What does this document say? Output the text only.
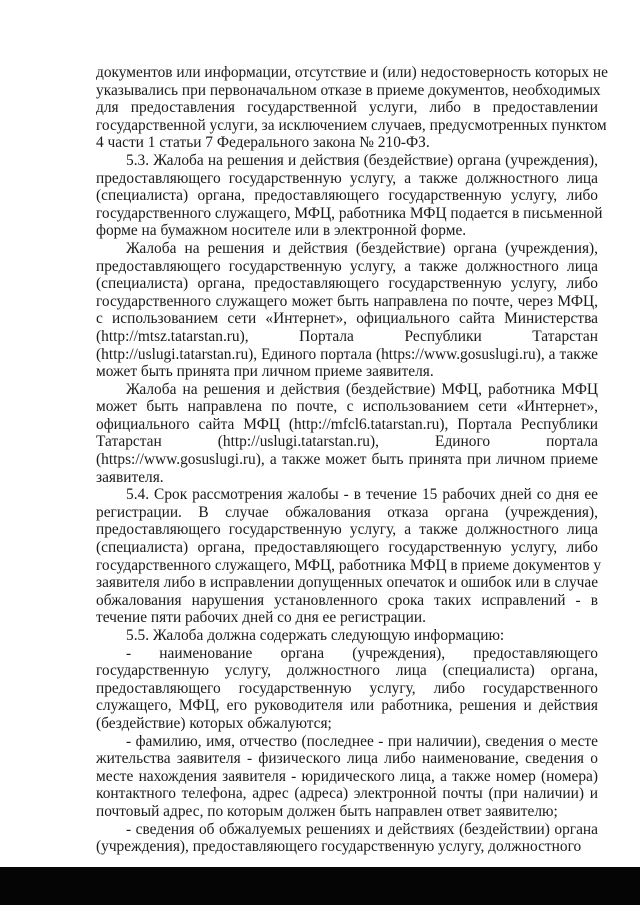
документов или информации, отсутствие и (или) недостоверность которых не
указывались при первоначальном отказе в приеме документов, необходимых
для предоставления государственной услуги, либо в предоставлении
государственной услуги, за исключением случаев, предусмотренных пунктом
4 части 1 статьи 7 Федерального закона № 210-ФЗ.

5.3. Жалоба на решения и действия (бездействие) органа (учреждения),
предоставляющего государственную услугу, а также должностного лица
(специалиста) органа, предоставляющего государственную услугу, либо
государственного служащего, МФЦ, работника МФЦ подается в письменной
форме на бумажном носителе или в электронной форме.

Жалоба на решения и действия (бездействие) органа (учреждения),
предоставляющего государственную услугу, а также должностного лица
(специалиста) органа, предоставляющего государственную услугу, либо
государственного служащего может быть направлена по почте, через МФЦ,
с использованием сети «Интернет», официального сайта Министерства
(http://mtsz.tatarstan.ru), Портала Республики Татарстан
(http://uslugi.tatarstan.ru), Единого портала (https://www.gosuslugi.ru), а также
может быть принята при личном приеме заявителя.

Жалоба на решения и действия (бездействие) МФЦ, работника МФЦ
может быть направлена по почте, с использованием сети «Интернет»,
официального сайта МФЦ (http://mfcl6.tatarstan.ru), Портала Республики
Татарстан (http://uslugi.tatarstan.ru), Единого портала
(https://www.gosuslugi.ru), а также может быть принята при личном приеме
заявителя.

5.4. Срок рассмотрения жалобы - в течение 15 рабочих дней со дня ее
регистрации. В случае обжалования отказа органа (учреждения),
предоставляющего государственную услугу, а также должностного лица
(специалиста) органа, предоставляющего государственную услугу, либо
государственного служащего, МФЦ, работника МФЦ в приеме документов у
заявителя либо в исправлении допущенных опечаток и ошибок или в случае
обжалования нарушения установленного срока таких исправлений - в
течение пяти рабочих дней со дня ее регистрации.

5.5. Жалоба должна содержать следующую информацию:

- наименование органа (учреждения), предоставляющего
государственную услугу, должностного лица (специалиста) органа,
предоставляющего государственную услугу, либо государственного
служащего, МФЦ, его руководителя или работника, решения и действия
(бездействие) которых обжалуются;

- фамилию, имя, отчество (последнее - при наличии), сведения о месте
жительства заявителя - физического лица либо наименование, сведения о
месте нахождения заявителя - юридического лица, а также номер (номера)
контактного телефона, адрес (адреса) электронной почты (при наличии) и
почтовый адрес, по которым должен быть направлен ответ заявителю;

- сведения об обжалуемых решениях и действиях (бездействии) органа
(учреждения), предоставляющего государственную услугу, должностного
